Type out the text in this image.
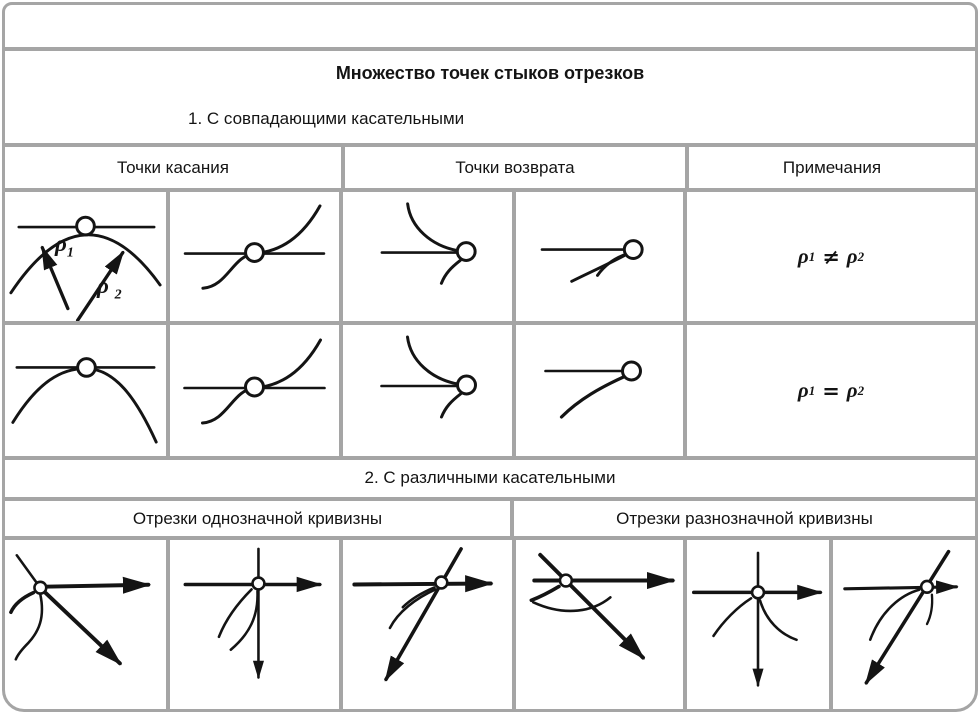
Множество точек стыков отрезков
1. С совпадающими касательными
Точки касания	Точки возврата	Примечания
$\rho_1$
ρ $_2$
ρ 1 ≠ ρ 2
ρ 1 = ρ 2
2. С различными касательными
Отрезки однозначной кривизны	Отрезки разнозначной кривизны
